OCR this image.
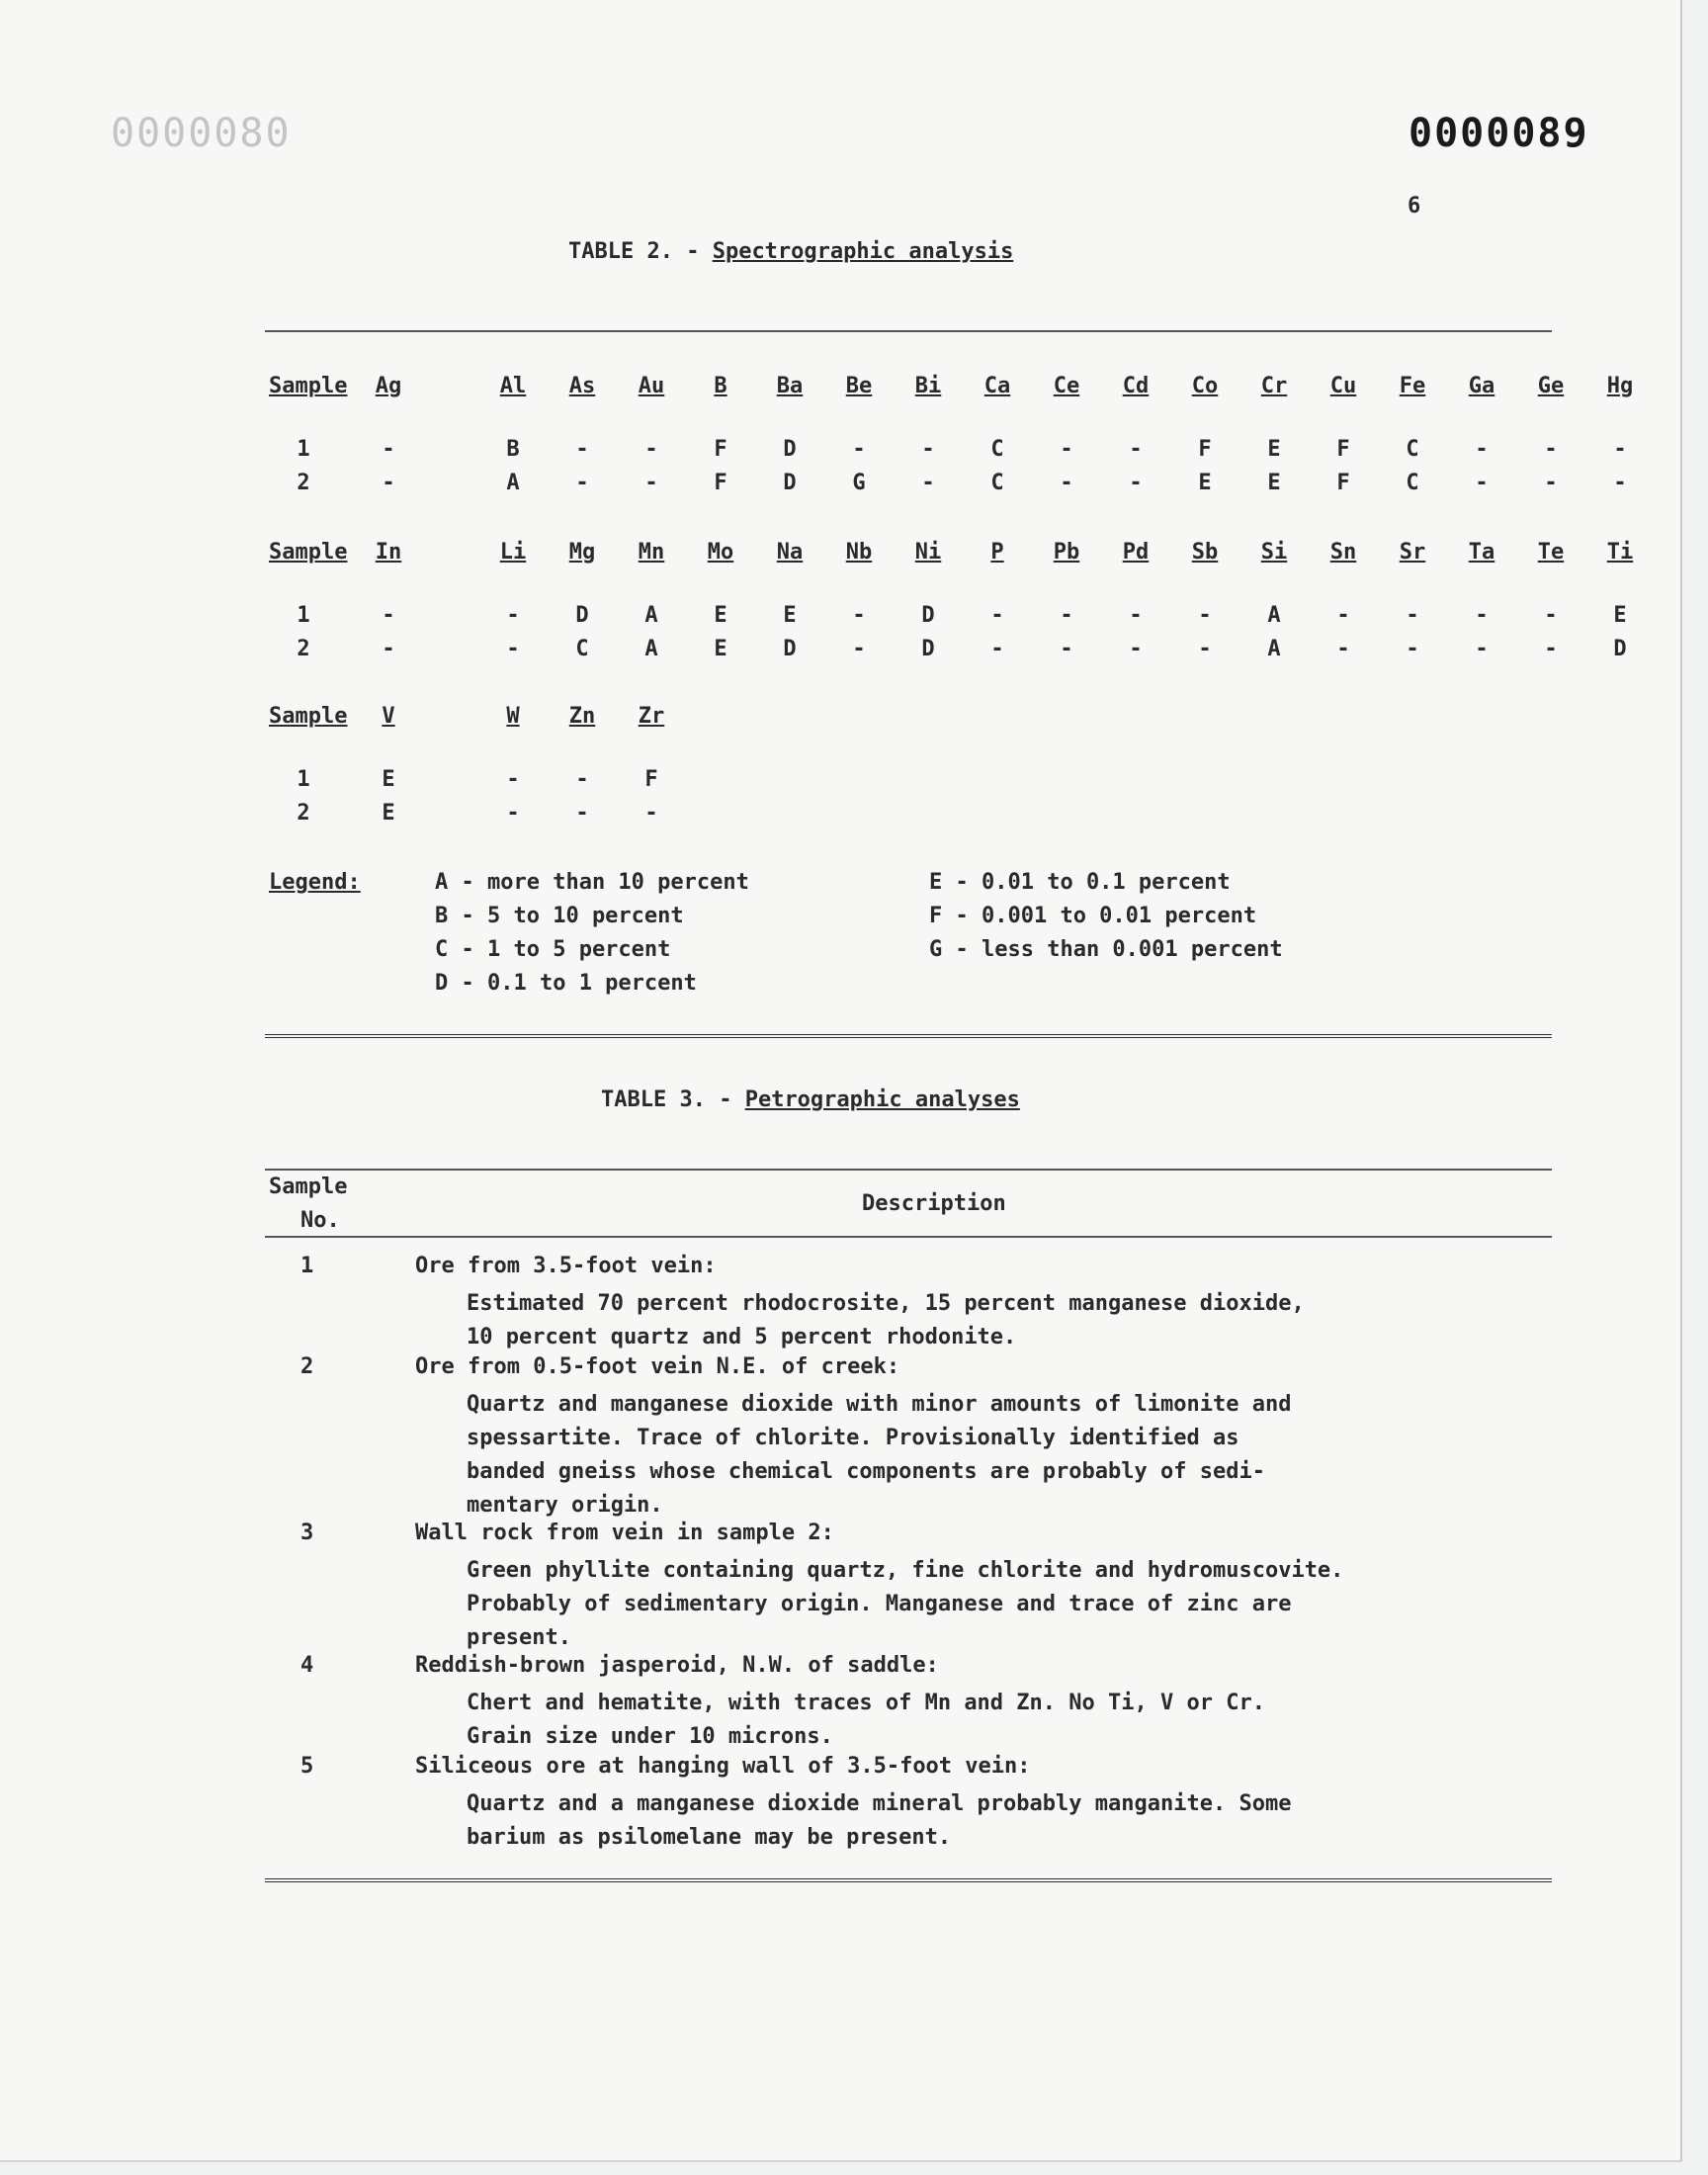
0000080	0000089
6
TABLE 2. - Spectrographic analysis
Sample	Ag	Al	As	Au	B	Ba	Be	Bi	Ca	Ce	Cd	Co	Cr	Cu	Fe	Ga	Ge	Hg
1	-	B	-	-	F	D	-	-	C	-	-	F	E	F	C	-	-	-
2	-	A	-	-	F	D	G	-	C	-	-	E	E	F	C	-	-	-
Sample	In	Li	Mg	Mn	Mo	Na	Nb	Ni	P	Pb	Pd	Sb	Si	Sn	Sr	Ta	Te	Ti
1	-	-	D	A	E	E	-	D	-	-	-	-	A	-	-	-	-	E
2	-	-	C	A	E	D	-	D	-	-	-	-	A	-	-	-	-	D
Sample	V	W	Zn	Zr
1	E	-	-	F
2	E	-	-	-
Legend:	A - more than 10 percent
B - 5 to 10 percent
C - 1 to 5 percent
D - 0.1 to 1 percent
E - 0.01 to 0.1 percent
F - 0.001 to 0.01 percent
G - less than 0.001 percent
TABLE 3. - Petrographic analyses
Sample
No.
Description
1	Ore from 3.5-foot vein:
Estimated 70 percent rhodocrosite, 15 percent manganese dioxide,
10 percent quartz and 5 percent rhodonite.
2	Ore from 0.5-foot vein N.E. of creek:
Quartz and manganese dioxide with minor amounts of limonite and
spessartite. Trace of chlorite. Provisionally identified as
banded gneiss whose chemical components are probably of sedi-
mentary origin.
3	Wall rock from vein in sample 2:
Green phyllite containing quartz, fine chlorite and hydromuscovite.
Probably of sedimentary origin. Manganese and trace of zinc are
present.
4	Reddish-brown jasperoid, N.W. of saddle:
Chert and hematite, with traces of Mn and Zn. No Ti, V or Cr.
Grain size under 10 microns.
5	Siliceous ore at hanging wall of 3.5-foot vein:
Quartz and a manganese dioxide mineral probably manganite. Some
barium as psilomelane may be present.
